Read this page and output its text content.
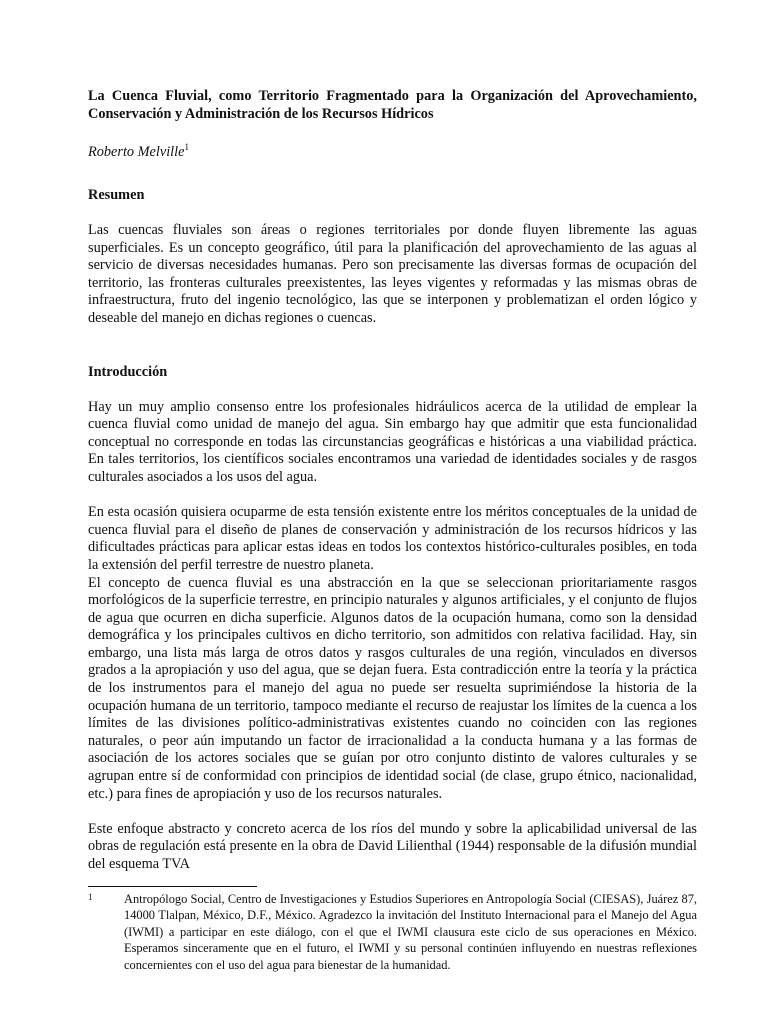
La Cuenca Fluvial, como Territorio Fragmentado para la Organización del Aprovechamiento, Conservación y Administración de los Recursos Hídricos
Roberto Melville$^1$
Resumen

Las cuencas fluviales son áreas o regiones territoriales por donde fluyen libremente las aguas superficiales. Es un concepto geográfico, útil para la planificación del aprovechamiento de las aguas al servicio de diversas necesidades humanas. Pero son precisamente las diversas formas de ocupación del territorio, las fronteras culturales preexistentes, las leyes vigentes y reformadas y las mismas obras de infraestructura, fruto del ingenio tecnológico, las que se interponen y problematizan el orden lógico y deseable del manejo en dichas regiones o cuencas.

Introducción

Hay un muy amplio consenso entre los profesionales hidráulicos acerca de la utilidad de emplear la cuenca fluvial como unidad de manejo del agua. Sin embargo hay que admitir que esta funcionalidad conceptual no corresponde en todas las circunstancias geográficas e históricas a una viabilidad práctica. En tales territorios, los científicos sociales encontramos una variedad de identidades sociales y de rasgos culturales asociados a los usos del agua.

En esta ocasión quisiera ocuparme de esta tensión existente entre los méritos conceptuales de la unidad de cuenca fluvial para el diseño de planes de conservación y administración de los recursos hídricos y las dificultades prácticas para aplicar estas ideas en todos los contextos histórico-culturales posibles, en toda la extensión del perfil terrestre de nuestro planeta.

El concepto de cuenca fluvial es una abstracción en la que se seleccionan prioritariamente rasgos morfológicos de la superficie terrestre, en principio naturales y algunos artificiales, y el conjunto de flujos de agua que ocurren en dicha superficie. Algunos datos de la ocupación humana, como son la densidad demográfica y los principales cultivos en dicho territorio, son admitidos con relativa facilidad. Hay, sin embargo, una lista más larga de otros datos y rasgos culturales de una región, vinculados en diversos grados a la apropiación y uso del agua, que se dejan fuera. Esta contradicción entre la teoría y la práctica de los instrumentos para el manejo del agua no puede ser resuelta suprimiéndose la historia de la ocupación humana de un territorio, tampoco mediante el recurso de reajustar los límites de la cuenca a los límites de las divisiones político-administrativas existentes cuando no coinciden con las regiones naturales, o peor aún imputando un factor de irracionalidad a la conducta humana y a las formas de asociación de los actores sociales que se guían por otro conjunto distinto de valores culturales y se agrupan entre sí de conformidad con principios de identidad social (de clase, grupo étnico, nacionalidad, etc.) para fines de apropiación y uso de los recursos naturales.

Este enfoque abstracto y concreto acerca de los ríos del mundo y sobre la aplicabilidad universal de las obras de regulación está presente en la obra de David Lilienthal (1944) responsable de la difusión mundial del esquema TVA

1	Antropólogo Social, Centro de Investigaciones y Estudios Superiores en Antropología Social (CIESAS), Juárez 87, 14000 Tlalpan, México, D.F., México. Agradezco la invitación del Instituto Internacional para el Manejo del Agua (IWMI) a participar en este diálogo, con el que el IWMI clausura este ciclo de sus operaciones en México. Esperamos sinceramente que en el futuro, el IWMI y su personal continúen influyendo en nuestras reflexiones concernientes con el uso del agua para bienestar de la humanidad.
